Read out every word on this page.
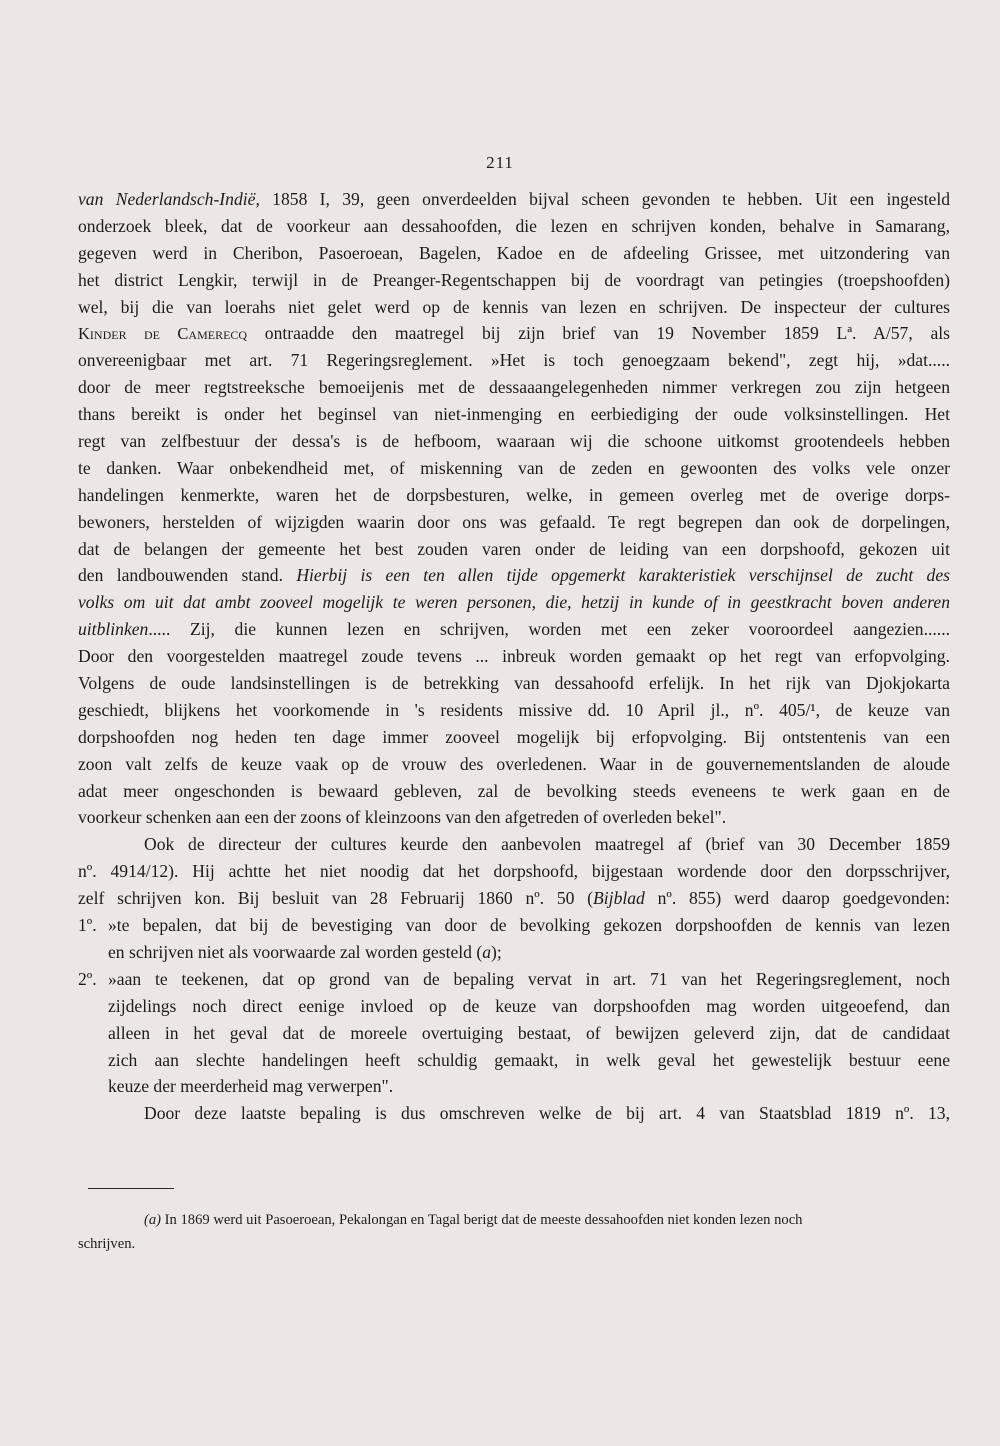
211
van Nederlandsch-Indië, 1858 I, 39, geen onverdeelden bijval scheen gevonden te hebben. Uit een ingesteld
onderzoek bleek, dat de voorkeur aan dessahoofden, die lezen en schrijven konden, behalve in Samarang,
gegeven werd in Cheribon, Pasoeroean, Bagelen, Kadoe en de afdeeling Grissee, met uitzondering van
het district Lengkir, terwijl in de Preanger-Regentschappen bij de voordragt van petingies (troepshoofden)
wel, bij die van loerahs niet gelet werd op de kennis van lezen en schrijven. De inspecteur der cultures
Kinder de Camerecq ontraadde den maatregel bij zijn brief van 19 November 1859 Lª. A/57, als
onvereenigbaar met art. 71 Regeringsreglement. »Het is toch genoegzaam bekend", zegt hij, »dat.....
door de meer regtstreeksche bemoeijenis met de dessaaangelegenheden nimmer verkregen zou zijn hetgeen
thans bereikt is onder het beginsel van niet-inmenging en eerbiediging der oude volksinstellingen. Het
regt van zelfbestuur der dessa's is de hefboom, waaraan wij die schoone uitkomst grootendeels hebben
te danken. Waar onbekendheid met, of miskenning van de zeden en gewoonten des volks vele onzer
handelingen kenmerkte, waren het de dorpsbesturen, welke, in gemeen overleg met de overige dorps-
bewoners, herstelden of wijzigden waarin door ons was gefaald. Te regt begrepen dan ook de dorpelingen,
dat de belangen der gemeente het best zouden varen onder de leiding van een dorpshoofd, gekozen uit
den landbouwenden stand. Hierbij is een ten allen tijde opgemerkt karakteristiek verschijnsel de zucht des
volks om uit dat ambt zooveel mogelijk te weren personen, die, hetzij in kunde of in geestkracht boven anderen
uitblinken..... Zij, die kunnen lezen en schrijven, worden met een zeker vooroordeel aangezien......
Door den voorgestelden maatregel zoude tevens ... inbreuk worden gemaakt op het regt van erfopvolging.
Volgens de oude landsinstellingen is de betrekking van dessahoofd erfelijk. In het rijk van Djokjokarta
geschiedt, blijkens het voorkomende in 's residents missive dd. 10 April jl., nº. 405/¹, de keuze van
dorpshoofden nog heden ten dage immer zooveel mogelijk bij erfopvolging. Bij ontstentenis van een
zoon valt zelfs de keuze vaak op de vrouw des overledenen. Waar in de gouvernementslanden de aloude
adat meer ongeschonden is bewaard gebleven, zal de bevolking steeds eveneens te werk gaan en de
voorkeur schenken aan een der zoons of kleinzoons van den afgetreden of overleden bekel".
Ook de directeur der cultures keurde den aanbevolen maatregel af (brief van 30 December 1859
nº. 4914/12). Hij achtte het niet noodig dat het dorpshoofd, bijgestaan wordende door den dorpsschrijver,
zelf schrijven kon. Bij besluit van 28 Februarij 1860 nº. 50 (Bijblad nº. 855) werd daarop goedgevonden:
1º. »te bepalen, dat bij de bevestiging van door de bevolking gekozen dorpshoofden de kennis van lezen
en schrijven niet als voorwaarde zal worden gesteld (a);
2º. »aan te teekenen, dat op grond van de bepaling vervat in art. 71 van het Regeringsreglement, noch
zijdelings noch direct eenige invloed op de keuze van dorpshoofden mag worden uitgeoefend, dan
alleen in het geval dat de moreele overtuiging bestaat, of bewijzen geleverd zijn, dat de candidaat
zich aan slechte handelingen heeft schuldig gemaakt, in welk geval het gewestelijk bestuur eene
keuze der meerderheid mag verwerpen".
Door deze laatste bepaling is dus omschreven welke de bij art. 4 van Staatsblad 1819 nº. 13,
(a) In 1869 werd uit Pasoeroean, Pekalongan en Tagal berigt dat de meeste dessahoofden niet konden lezen noch
schrijven.
